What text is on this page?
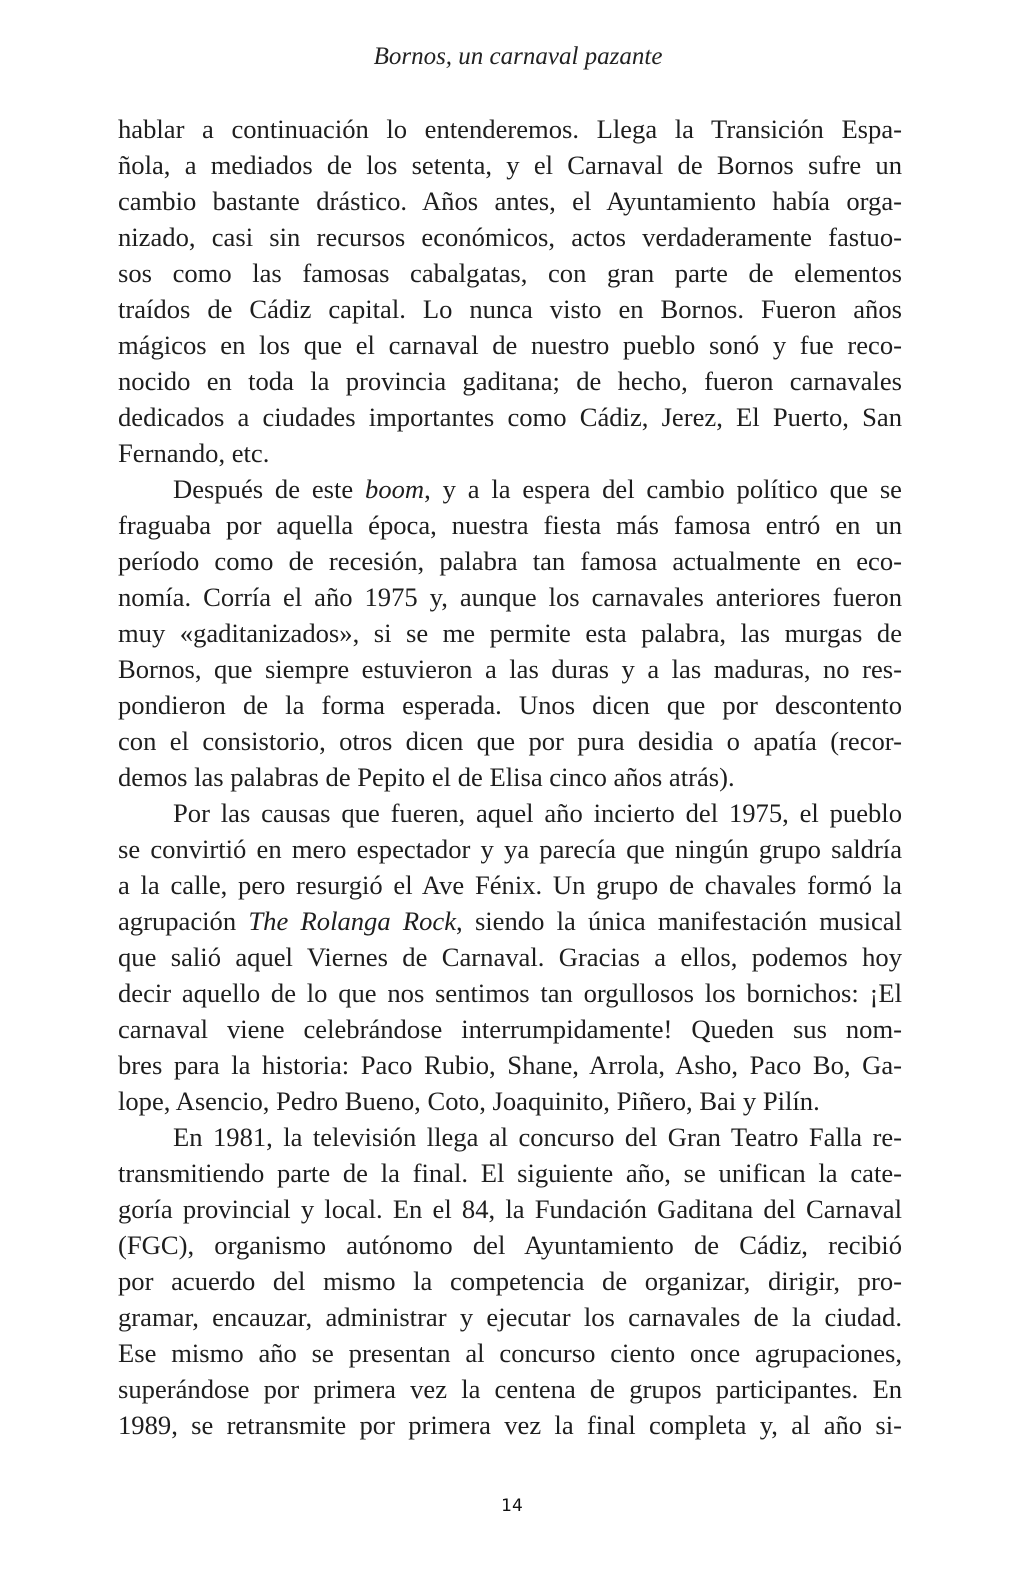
Bornos, un carnaval pazante
hablar a continuación lo entenderemos. Llega la Transición Espa-
ñola, a mediados de los setenta, y el Carnaval de Bornos sufre un
cambio bastante drástico. Años antes, el Ayuntamiento había orga-
nizado, casi sin recursos económicos, actos verdaderamente fastuo-
sos como las famosas cabalgatas, con gran parte de elementos
traídos de Cádiz capital. Lo nunca visto en Bornos. Fueron años
mágicos en los que el carnaval de nuestro pueblo sonó y fue reco-
nocido en toda la provincia gaditana; de hecho, fueron carnavales
dedicados a ciudades importantes como Cádiz, Jerez, El Puerto, San
Fernando, etc.
Después de este boom, y a la espera del cambio político que se
fraguaba por aquella época, nuestra fiesta más famosa entró en un
período como de recesión, palabra tan famosa actualmente en eco-
nomía. Corría el año 1975 y, aunque los carnavales anteriores fueron
muy «gaditanizados», si se me permite esta palabra, las murgas de
Bornos, que siempre estuvieron a las duras y a las maduras, no res-
pondieron de la forma esperada. Unos dicen que por descontento
con el consistorio, otros dicen que por pura desidia o apatía (recor-
demos las palabras de Pepito el de Elisa cinco años atrás).
Por las causas que fueren, aquel año incierto del 1975, el pueblo
se convirtió en mero espectador y ya parecía que ningún grupo saldría
a la calle, pero resurgió el Ave Fénix. Un grupo de chavales formó la
agrupación The Rolanga Rock, siendo la única manifestación musical
que salió aquel Viernes de Carnaval. Gracias a ellos, podemos hoy
decir aquello de lo que nos sentimos tan orgullosos los bornichos: ¡El
carnaval viene celebrándose interrumpidamente! Queden sus nom-
bres para la historia: Paco Rubio, Shane, Arrola, Asho, Paco Bo, Ga-
lope, Asencio, Pedro Bueno, Coto, Joaquinito, Piñero, Bai y Pilín.
En 1981, la televisión llega al concurso del Gran Teatro Falla re-
transmitiendo parte de la final. El siguiente año, se unifican la cate-
goría provincial y local. En el 84, la Fundación Gaditana del Carnaval
(FGC), organismo autónomo del Ayuntamiento de Cádiz, recibió
por acuerdo del mismo la competencia de organizar, dirigir, pro-
gramar, encauzar, administrar y ejecutar los carnavales de la ciudad.
Ese mismo año se presentan al concurso ciento once agrupaciones,
superándose por primera vez la centena de grupos participantes. En
1989, se retransmite por primera vez la final completa y, al año si-
14
